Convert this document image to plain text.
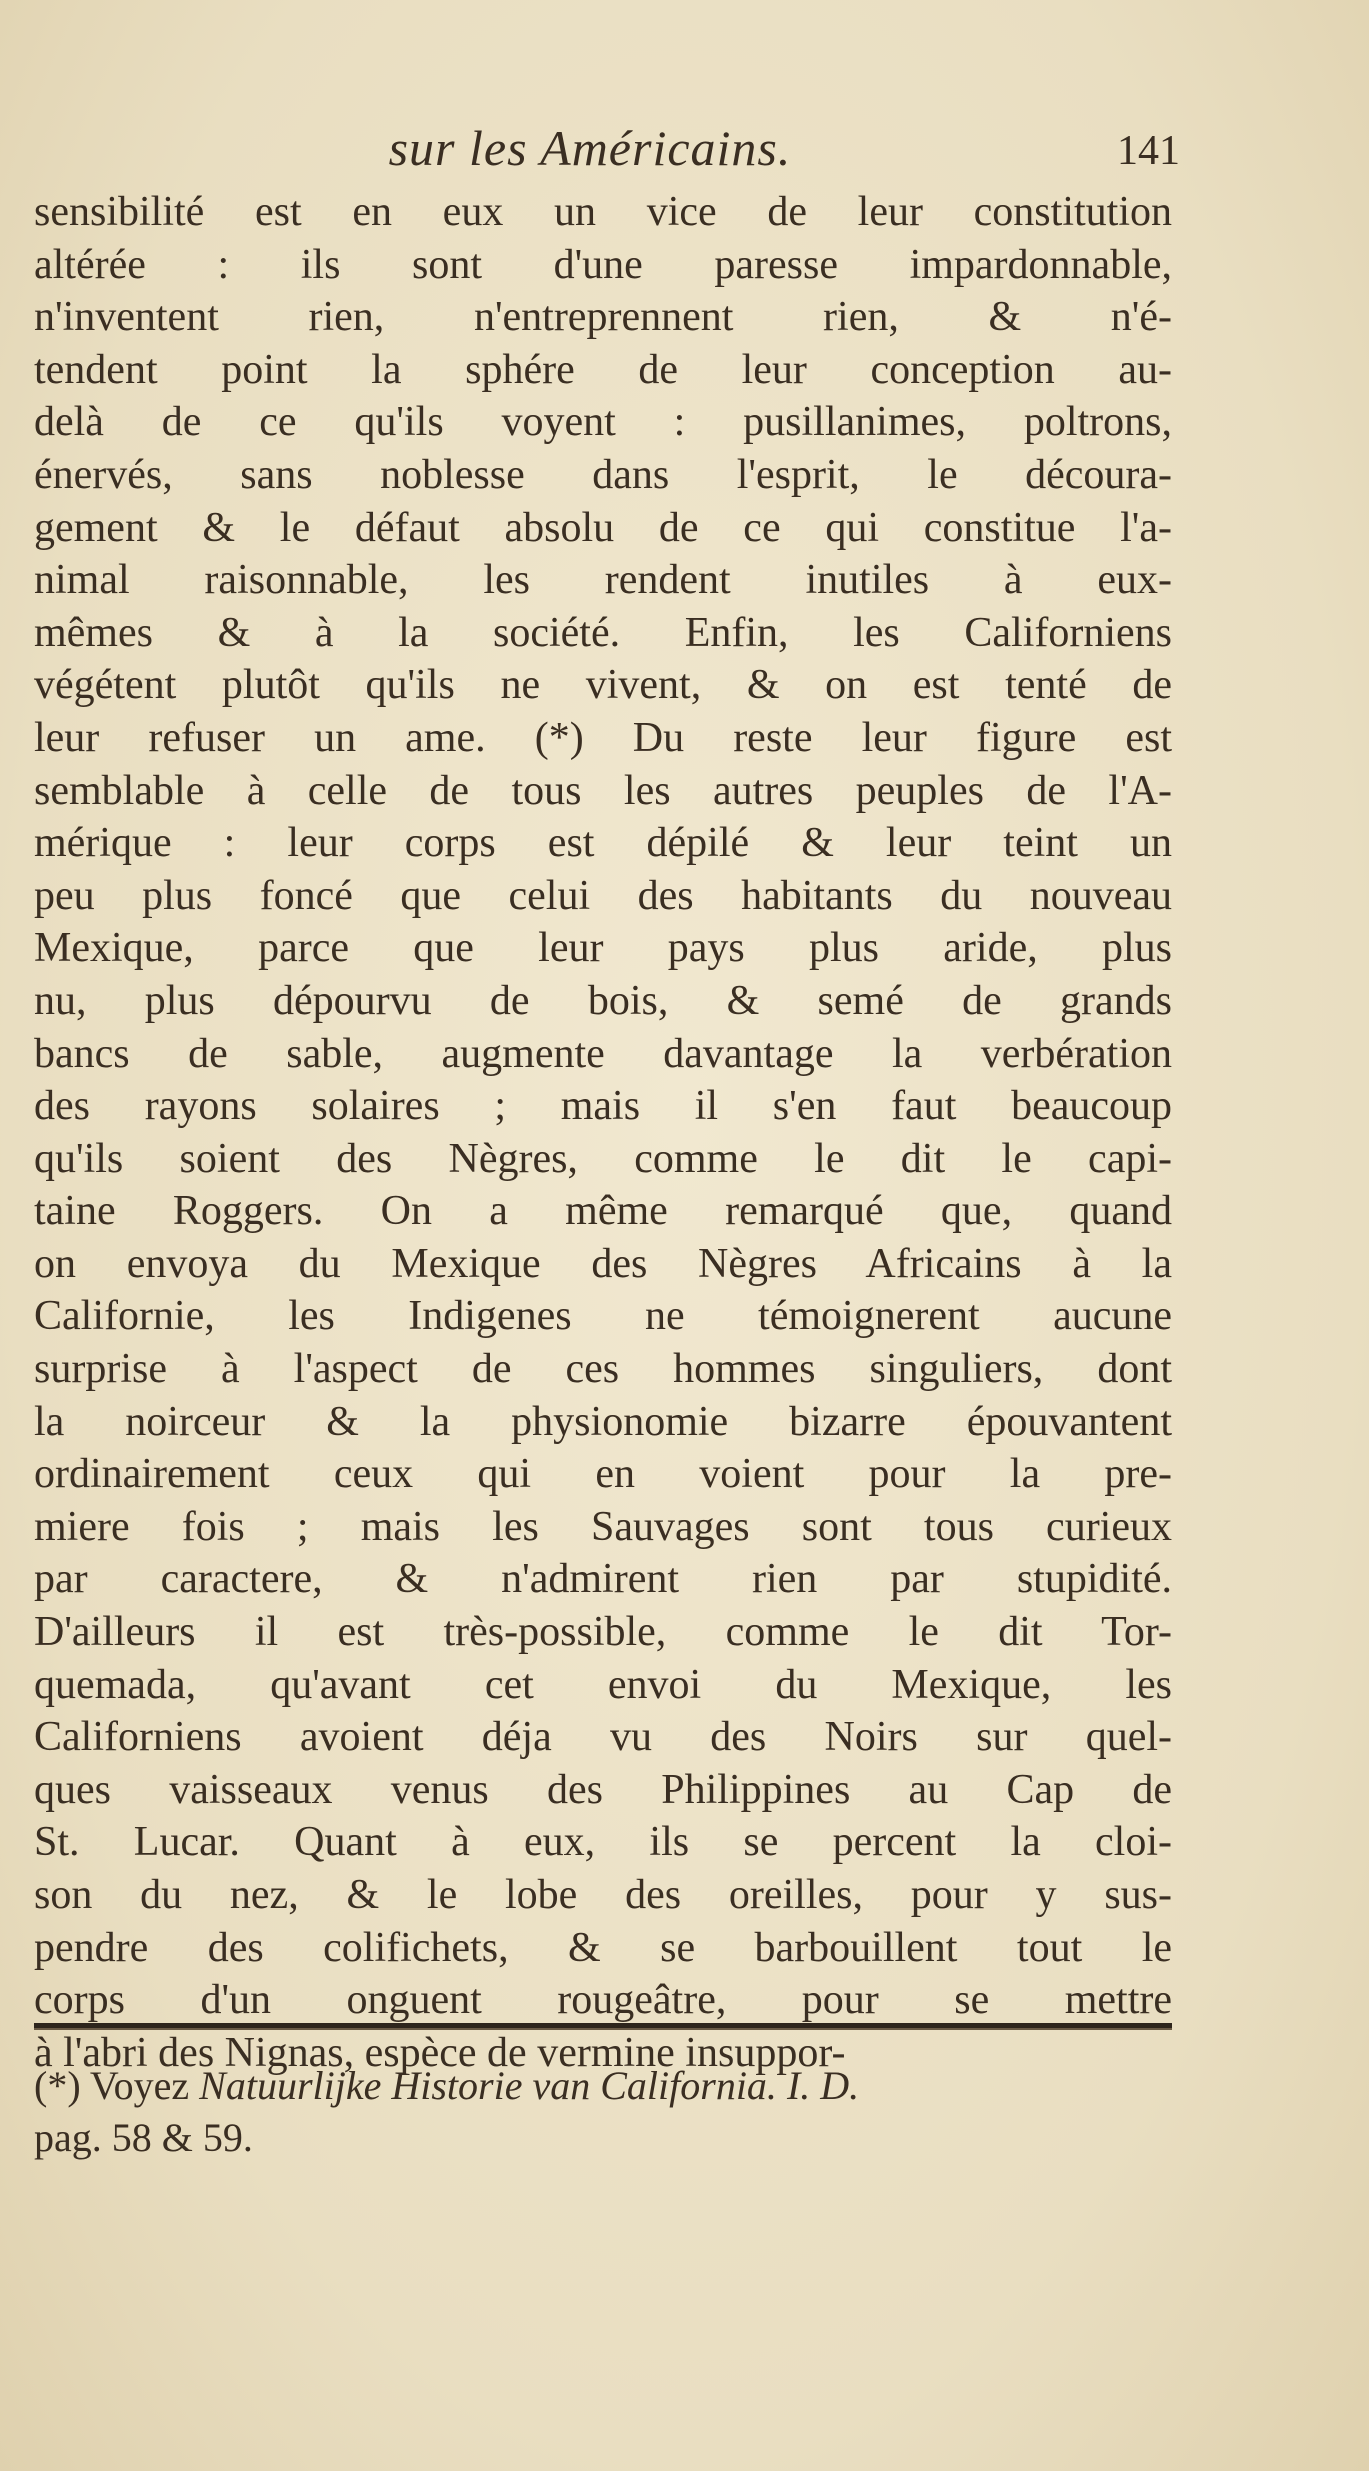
sur les Américains.	141
sensibilité est en eux un vice de leur constitution
altérée : ils sont d'une paresse impardonnable,
n'inventent rien, n'entreprennent rien, & n'é-
tendent point la sphére de leur conception au-
delà de ce qu'ils voyent : pusillanimes, poltrons,
énervés, sans noblesse dans l'esprit, le découra-
gement & le défaut absolu de ce qui constitue l'a-
nimal raisonnable, les rendent inutiles à eux-
mêmes & à la société. Enfin, les Californiens
végétent plutôt qu'ils ne vivent, & on est tenté de
leur refuser un ame. (*) Du reste leur figure est
semblable à celle de tous les autres peuples de l'A-
mérique : leur corps est dépilé & leur teint un
peu plus foncé que celui des habitants du nouveau
Mexique, parce que leur pays plus aride, plus
nu, plus dépourvu de bois, & semé de grands
bancs de sable, augmente davantage la verbération
des rayons solaires ; mais il s'en faut beaucoup
qu'ils soient des Nègres, comme le dit le capi-
taine Roggers. On a même remarqué que, quand
on envoya du Mexique des Nègres Africains à la
Californie, les Indigenes ne témoignerent aucune
surprise à l'aspect de ces hommes singuliers, dont
la noirceur & la physionomie bizarre épouvantent
ordinairement ceux qui en voient pour la pre-
miere fois ; mais les Sauvages sont tous curieux
par caractere, & n'admirent rien par stupidité.
D'ailleurs il est très-possible, comme le dit Tor-
quemada, qu'avant cet envoi du Mexique, les
Californiens avoient déja vu des Noirs sur quel-
ques vaisseaux venus des Philippines au Cap de
St. Lucar. Quant à eux, ils se percent la cloi-
son du nez, & le lobe des oreilles, pour y sus-
pendre des colifichets, & se barbouillent tout le
corps d'un onguent rougeâtre, pour se mettre
à l'abri des Nignas, espèce de vermine insuppor-
(*) Voyez Natuurlijke Historie van California. I. D.
pag. 58 & 59.
